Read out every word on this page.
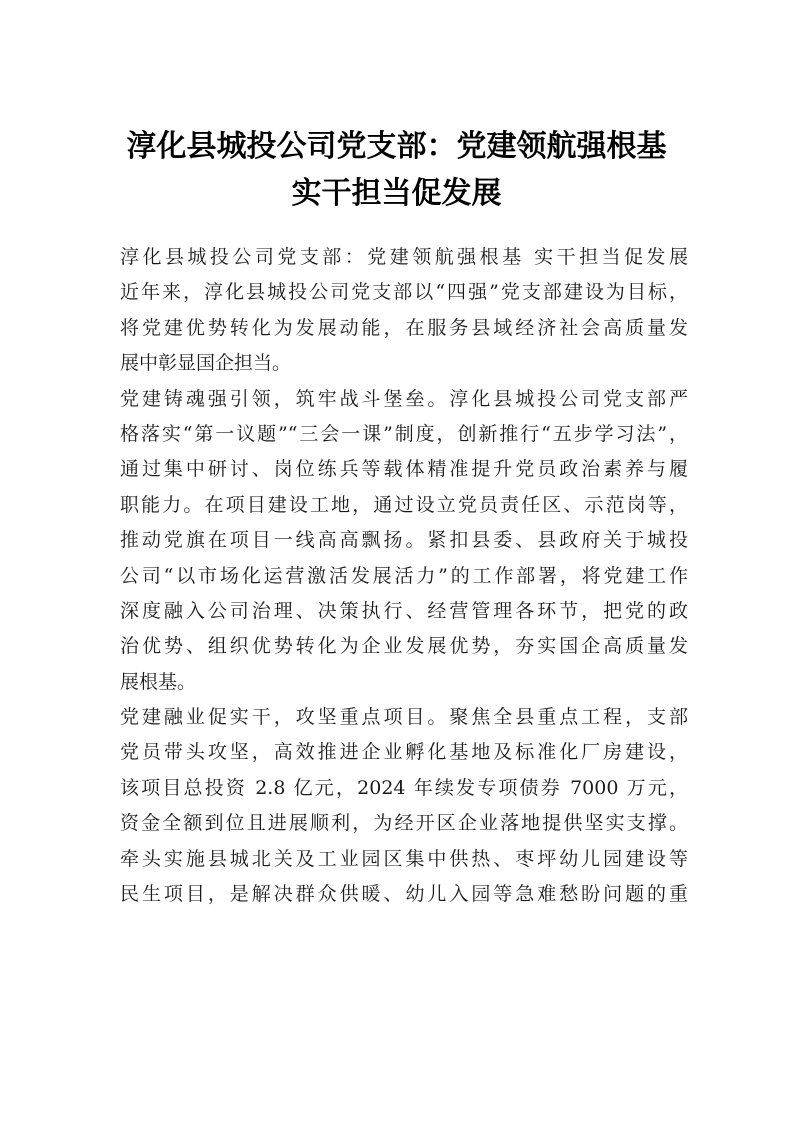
淳化县城投公司党支部：党建领航强根基
实干担当促发展
淳化县城投公司党支部：党建领航强根基 实干担当促发展
近年来，淳化县城投公司党支部以“四强”党支部建设为目标，
将党建优势转化为发展动能，在服务县域经济社会高质量发
展中彰显国企担当。
党建铸魂强引领，筑牢战斗堡垒。淳化县城投公司党支部严
格落实“第一议题”“三会一课”制度，创新推行“五步学习法”，
通过集中研讨、岗位练兵等载体精准提升党员政治素养与履
职能力。在项目建设工地，通过设立党员责任区、示范岗等，
推动党旗在项目一线高高飘扬。紧扣县委、县政府关于城投
公司“以市场化运营激活发展活力”的工作部署，将党建工作
深度融入公司治理、决策执行、经营管理各环节，把党的政
治优势、组织优势转化为企业发展优势，夯实国企高质量发
展根基。
党建融业促实干，攻坚重点项目。聚焦全县重点工程，支部
党员带头攻坚，高效推进企业孵化基地及标准化厂房建设，
该项目总投资 2.8 亿元，2024 年续发专项债券 7000 万元，
资金全额到位且进展顺利，为经开区企业落地提供坚实支撑。
牵头实施县城北关及工业园区集中供热、枣坪幼儿园建设等
民生项目，是解决群众供暖、幼儿入园等急难愁盼问题的重
